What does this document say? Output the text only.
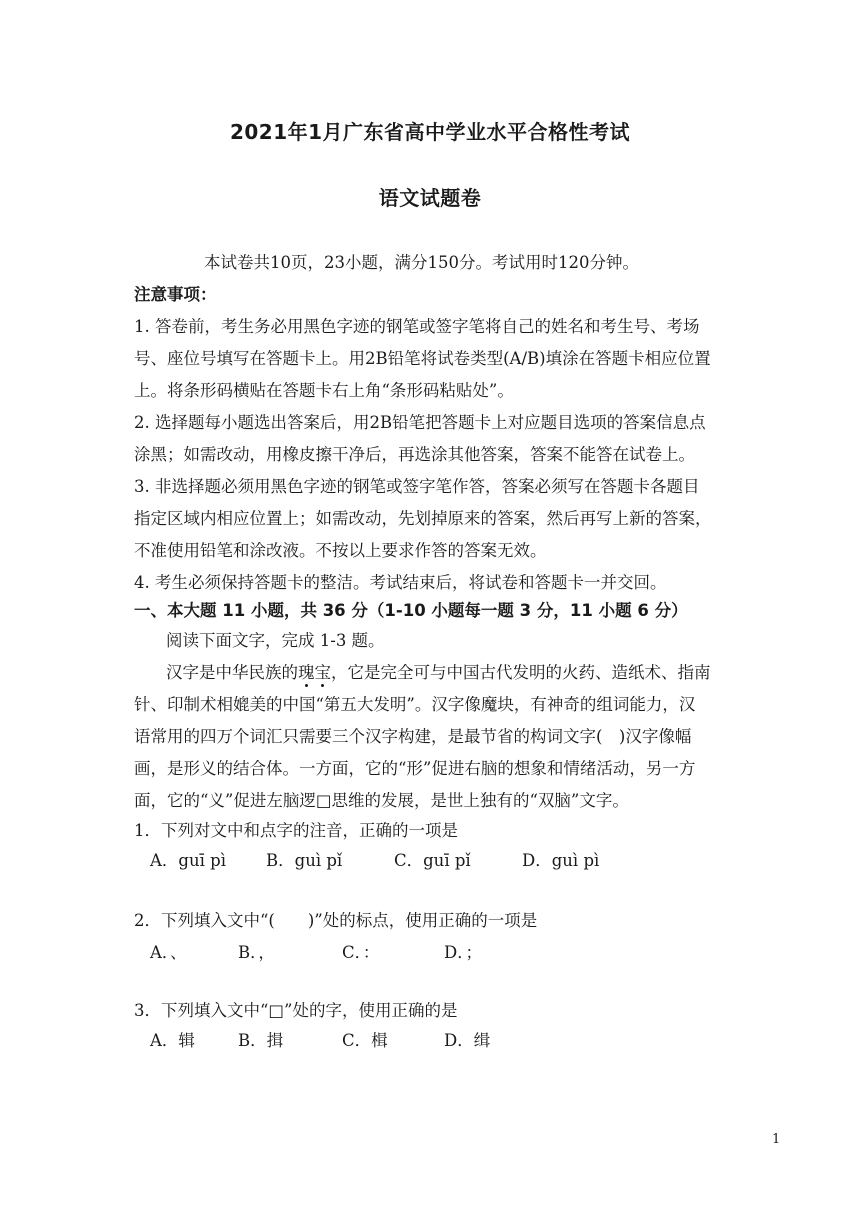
2021年1月广东省高中学业水平合格性考试
语文试题卷
本试卷共10页，23小题，满分150分。考试用时120分钟。
注意事项：
1. 答卷前，考生务必用黑色字迹的钢笔或签字笔将自己的姓名和考生号、考场
号、座位号填写在答题卡上。用2B铅笔将试卷类型(A/B)填涂在答题卡相应位置
上。将条形码横贴在答题卡右上角“条形码粘贴处”。
2. 选择题每小题选出答案后，用2B铅笔把答题卡上对应题目选项的答案信息点
涂黑；如需改动，用橡皮擦干净后，再选涂其他答案，答案不能答在试卷上。
3. 非选择题必须用黑色字迹的钢笔或签字笔作答，答案必须写在答题卡各题目
指定区域内相应位置上；如需改动，先划掉原来的答案，然后再写上新的答案，
不准使用铅笔和涂改液。不按以上要求作答的答案无效。
4. 考生必须保持答题卡的整洁。考试结束后，将试卷和答题卡一并交回。
一、本大题 11 小题，共 36 分（1-10 小题每一题 3 分，11 小题 6 分）
阅读下面文字，完成 1-3 题。
汉字是中华民族的瑰宝，它是完全可与中国古代发明的火药、造纸术、指南
针、印制术相媲美的中国“第五大发明”。汉字像魔块，有神奇的组词能力，汉
语常用的四万个词汇只需要三个汉字构建，是最节省的构词文字(　)汉字像幅
画，是形义的结合体。一方面，它的“形”促进右脑的想象和情绪活动，另一方
面，它的“义”促进左脑逻□思维的发展，是世上独有的“双脑”文字。
1．下列对文中和点字的注音，正确的一项是
A．guī pì B．guì pǐ	C．guī pǐ	D．guì pì
2．下列填入文中“(　　)”处的标点，使用正确的一项是
A．、	B．，	C．：	D．；
3．下列填入文中“□”处的字，使用正确的是
A．辑	B．揖	C．楫	D．缉
1
